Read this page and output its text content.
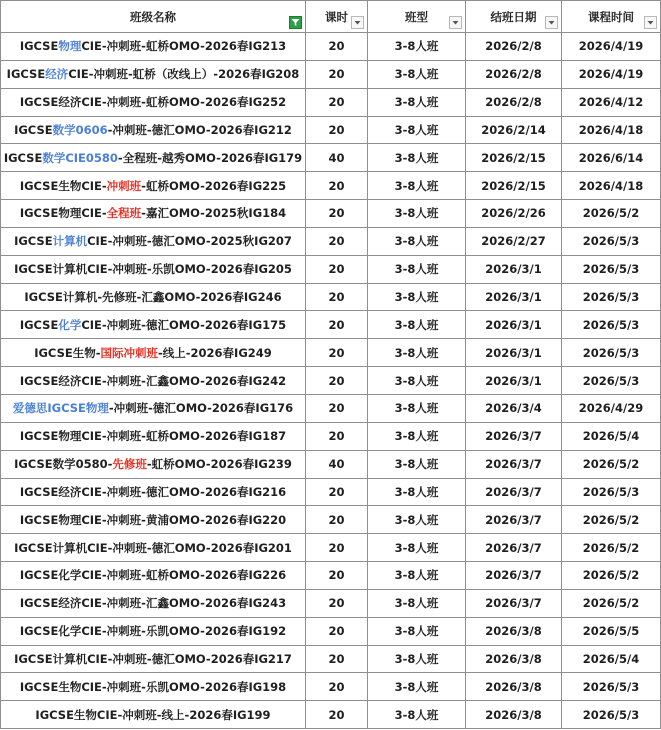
班级名称	课时	班型	结班日期	课程时间

IGCSE物理CIE-冲刺班-虹桥OMO-2026春IG213	20	3-8人班	2026/2/8	2026/4/19
IGCSE经济CIE-冲刺班-虹桥（改线上）-2026春IG208	20	3-8人班	2026/2/8	2026/4/19
IGCSE经济CIE-冲刺班-虹桥OMO-2026春IG252	20	3-8人班	2026/2/8	2026/4/12
IGCSE数学0606-冲刺班-德汇OMO-2026春IG212	20	3-8人班	2026/2/14	2026/4/18
IGCSE数学CIE0580-全程班-越秀OMO-2026春IG179	40	3-8人班	2026/2/15	2026/6/14
IGCSE生物CIE-冲刺班-虹桥OMO-2026春IG225	20	3-8人班	2026/2/15	2026/4/18
IGCSE物理CIE-全程班-嘉汇OMO-2025秋IG184	20	3-8人班	2026/2/26	2026/5/2
IGCSE计算机CIE-冲刺班-德汇OMO-2025秋IG207	20	3-8人班	2026/2/27	2026/5/3
IGCSE计算机CIE-冲刺班-乐凯OMO-2026春IG205	20	3-8人班	2026/3/1	2026/5/3
IGCSE计算机-先修班-汇鑫OMO-2026春IG246	20	3-8人班	2026/3/1	2026/5/3
IGCSE化学CIE-冲刺班-德汇OMO-2026春IG175	20	3-8人班	2026/3/1	2026/5/3
IGCSE生物-国际冲刺班-线上-2026春IG249	20	3-8人班	2026/3/1	2026/5/3
IGCSE经济CIE-冲刺班-汇鑫OMO-2026春IG242	20	3-8人班	2026/3/1	2026/5/3
爱德思IGCSE物理-冲刺班-德汇OMO-2026春IG176	20	3-8人班	2026/3/4	2026/4/29
IGCSE物理CIE-冲刺班-虹桥OMO-2026春IG187	20	3-8人班	2026/3/7	2026/5/4
IGCSE数学0580-先修班-虹桥OMO-2026春IG239	40	3-8人班	2026/3/7	2026/5/2
IGCSE经济CIE-冲刺班-德汇OMO-2026春IG216	20	3-8人班	2026/3/7	2026/5/3
IGCSE物理CIE-冲刺班-黄浦OMO-2026春IG220	20	3-8人班	2026/3/7	2026/5/2
IGCSE计算机CIE-冲刺班-德汇OMO-2026春IG201	20	3-8人班	2026/3/7	2026/5/2
IGCSE化学CIE-冲刺班-虹桥OMO-2026春IG226	20	3-8人班	2026/3/7	2026/5/2
IGCSE经济CIE-冲刺班-汇鑫OMO-2026春IG243	20	3-8人班	2026/3/7	2026/5/2
IGCSE化学CIE-冲刺班-乐凯OMO-2026春IG192	20	3-8人班	2026/3/8	2026/5/5
IGCSE计算机CIE-冲刺班-德汇OMO-2026春IG217	20	3-8人班	2026/3/8	2026/5/4
IGCSE生物CIE-冲刺班-乐凯OMO-2026春IG198	20	3-8人班	2026/3/8	2026/5/3
IGCSE生物CIE-冲刺班-线上-2026春IG199	20	3-8人班	2026/3/8	2026/5/3
